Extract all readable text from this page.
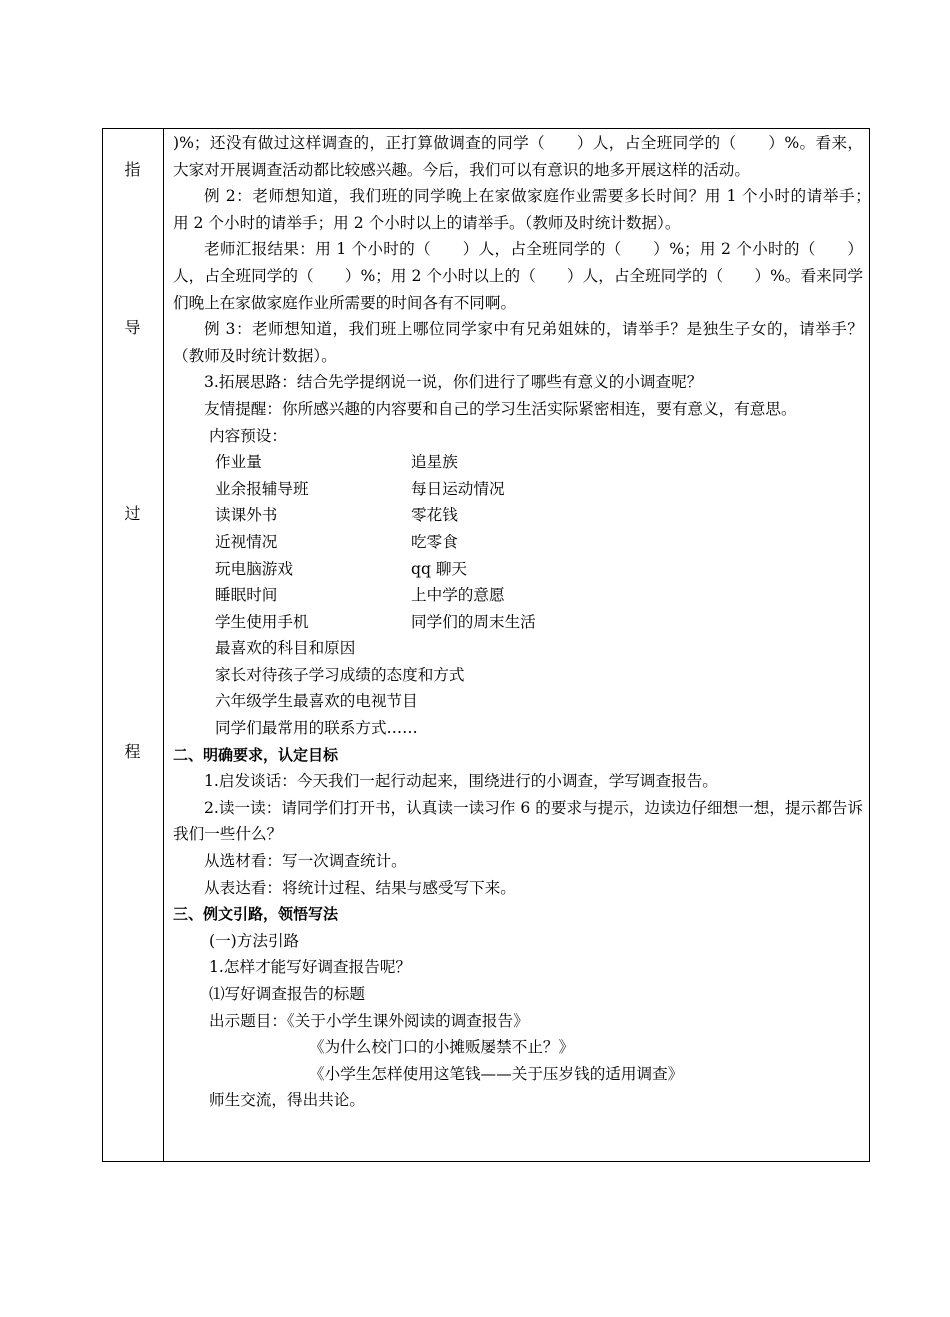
指
导
过
程

)%；还没有做过这样调查的，正打算做调查的同学（　　）人，占全班同学的（　　）%。看来，大家对开展调查活动都比较感兴趣。今后，我们可以有意识的地多开展这样的活动。

例 2：老师想知道，我们班的同学晚上在家做家庭作业需要多长时间？用 1 个小时的请举手；　用 2 个小时的请举手；用 2 个小时以上的请举手。（教师及时统计数据）。

老师汇报结果：用 1 个小时的（　　）人，占全班同学的（　　）%；用 2 个小时的（　　）人，占全班同学的（　　）%；用 2 个小时以上的（　　）人，占全班同学的（　　）%。看来同学们晚上在家做家庭作业所需要的时间各有不同啊。

例 3：老师想知道，我们班上哪位同学家中有兄弟姐妹的，请举手？是独生子女的，请举手？（教师及时统计数据）。

3.拓展思路：结合先学提纲说一说，你们进行了哪些有意义的小调查呢？

友情提醒：你所感兴趣的内容要和自己的学习生活实际紧密相连，要有意义，有意思。

内容预设：

作业量	追星族
业余报辅导班	每日运动情况
读课外书	零花钱
近视情况	吃零食
玩电脑游戏	qq 聊天
睡眠时间	上中学的意愿
学生使用手机	同学们的周末生活

最喜欢的科目和原因

家长对待孩子学习成绩的态度和方式

六年级学生最喜欢的电视节目

同学们最常用的联系方式……

二、明确要求，认定目标

1.启发谈话：今天我们一起行动起来，围绕进行的小调查，学写调查报告。

2.读一读：请同学们打开书，认真读一读习作 6 的要求与提示，边读边仔细想一想，提示都告诉我们一些什么？

从选材看：写一次调查统计。

从表达看：将统计过程、结果与感受写下来。

三、例文引路，领悟写法

(一)方法引路

1.怎样才能写好调查报告呢？

⑴写好调查报告的标题

出示题目：《关于小学生课外阅读的调查报告》

《为什么校门口的小摊贩屡禁不止？》

《小学生怎样使用这笔钱——关于压岁钱的适用调查》

师生交流，得出共论。
